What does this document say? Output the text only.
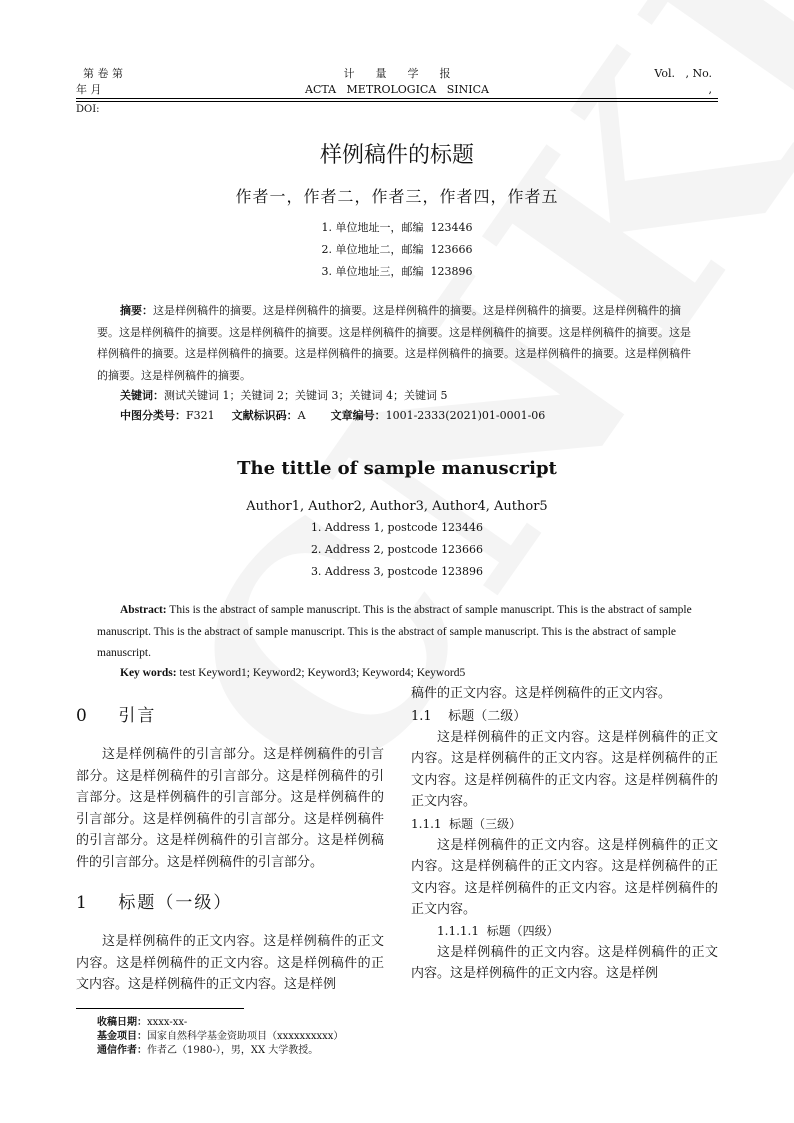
第 卷 第
年 月
计      量      学      报
ACTA   METROLOGICA   SINICA
Vol.   , No.
,
DOI:
样例稿件的标题
作者一，作者二，作者三，作者四，作者五
1. 单位地址一，邮编  123446
2. 单位地址二，邮编  123666
3. 单位地址三，邮编  123896
摘要：这是样例稿件的摘要。这是样例稿件的摘要。这是样例稿件的摘要。这是样例稿件的摘要。这是样例稿件的摘要。这是样例稿件的摘要。这是样例稿件的摘要。这是样例稿件的摘要。这是样例稿件的摘要。这是样例稿件的摘要。这是样例稿件的摘要。这是样例稿件的摘要。这是样例稿件的摘要。这是样例稿件的摘要。这是样例稿件的摘要。这是样例稿件的摘要。这是样例稿件的摘要。
关键词：测试关键词 1；关键词 2；关键词 3；关键词 4；关键词 5
中图分类号：F321 文献标识码：A 文章编号：1001-2333(2021)01-0001-06
The tittle of sample manuscript
Author1, Author2, Author3, Author4, Author5
1. Address 1, postcode 123446
2. Address 2, postcode 123666
3. Address 3, postcode 123896
Abstract: This is the abstract of sample manuscript. This is the abstract of sample manuscript. This is the abstract of sample manuscript. This is the abstract of sample manuscript. This is the abstract of sample manuscript. This is the abstract of sample manuscript.
Key words: test Keyword1; Keyword2; Keyword3; Keyword4; Keyword5
0    引言

这是样例稿件的引言部分。这是样例稿件的引言部分。这是样例稿件的引言部分。这是样例稿件的引言部分。这是样例稿件的引言部分。这是样例稿件的引言部分。这是样例稿件的引言部分。这是样例稿件的引言部分。这是样例稿件的引言部分。这是样例稿件的引言部分。这是样例稿件的引言部分。

1    标题（一级）

这是样例稿件的正文内容。这是样例稿件的正文内容。这是样例稿件的正文内容。这是样例稿件的正文内容。这是样例稿件的正文内容。这是样例

稿件的正文内容。这是样例稿件的正文内容。
1.1    标题（二级）

这是样例稿件的正文内容。这是样例稿件的正文内容。这是样例稿件的正文内容。这是样例稿件的正文内容。这是样例稿件的正文内容。这是样例稿件的正文内容。

1.1.1  标题（三级）

这是样例稿件的正文内容。这是样例稿件的正文内容。这是样例稿件的正文内容。这是样例稿件的正文内容。这是样例稿件的正文内容。这是样例稿件的正文内容。

1.1.1.1  标题（四级）

这是样例稿件的正文内容。这是样例稿件的正文内容。这是样例稿件的正文内容。这是样例

收稿日期：xxxx-xx-
基金项目：国家自然科学基金资助项目（xxxxxxxxxx）
通信作者：作者乙（1980-），男，XX 大学教授。
